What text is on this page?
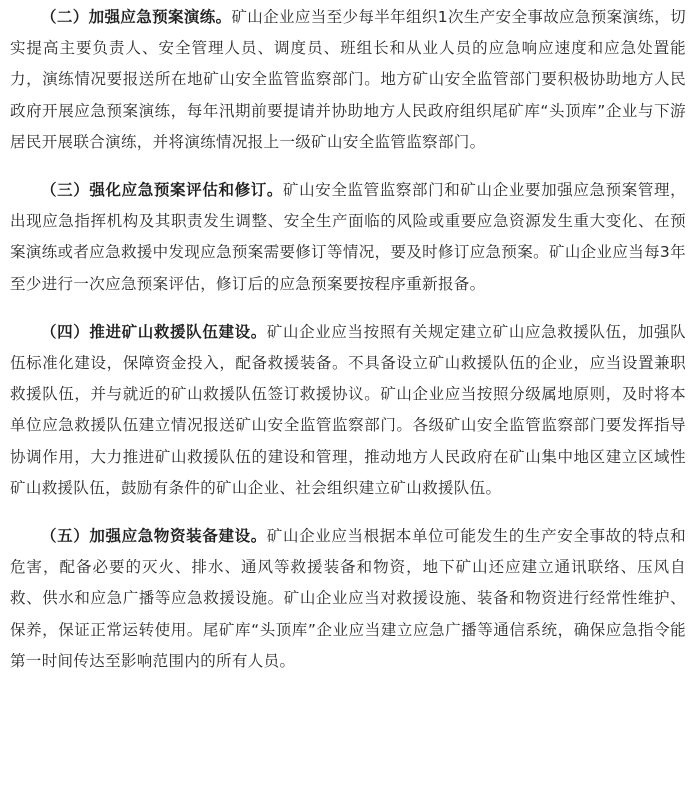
（二）加强应急预案演练。矿山企业应当至少每半年组织1次生产安全事故应急预案演练，切实提高主要负责人、安全管理人员、调度员、班组长和从业人员的应急响应速度和应急处置能力，演练情况要报送所在地矿山安全监管监察部门。地方矿山安全监管部门要积极协助地方人民政府开展应急预案演练，每年汛期前要提请并协助地方人民政府组织尾矿库“头顶库”企业与下游居民开展联合演练，并将演练情况报上一级矿山安全监管监察部门。

（三）强化应急预案评估和修订。矿山安全监管监察部门和矿山企业要加强应急预案管理，出现应急指挥机构及其职责发生调整、安全生产面临的风险或重要应急资源发生重大变化、在预案演练或者应急救援中发现应急预案需要修订等情况，要及时修订应急预案。矿山企业应当每3年至少进行一次应急预案评估，修订后的应急预案要按程序重新报备。

（四）推进矿山救援队伍建设。矿山企业应当按照有关规定建立矿山应急救援队伍，加强队伍标准化建设，保障资金投入，配备救援装备。不具备设立矿山救援队伍的企业，应当设置兼职救援队伍，并与就近的矿山救援队伍签订救援协议。矿山企业应当按照分级属地原则，及时将本单位应急救援队伍建立情况报送矿山安全监管监察部门。各级矿山安全监管监察部门要发挥指导协调作用，大力推进矿山救援队伍的建设和管理，推动地方人民政府在矿山集中地区建立区域性矿山救援队伍，鼓励有条件的矿山企业、社会组织建立矿山救援队伍。

（五）加强应急物资装备建设。矿山企业应当根据本单位可能发生的生产安全事故的特点和危害，配备必要的灭火、排水、通风等救援装备和物资，地下矿山还应建立通讯联络、压风自救、供水和应急广播等应急救援设施。矿山企业应当对救援设施、装备和物资进行经常性维护、保养，保证正常运转使用。尾矿库“头顶库”企业应当建立应急广播等通信系统，确保应急指令能第一时间传达至影响范围内的所有人员。
